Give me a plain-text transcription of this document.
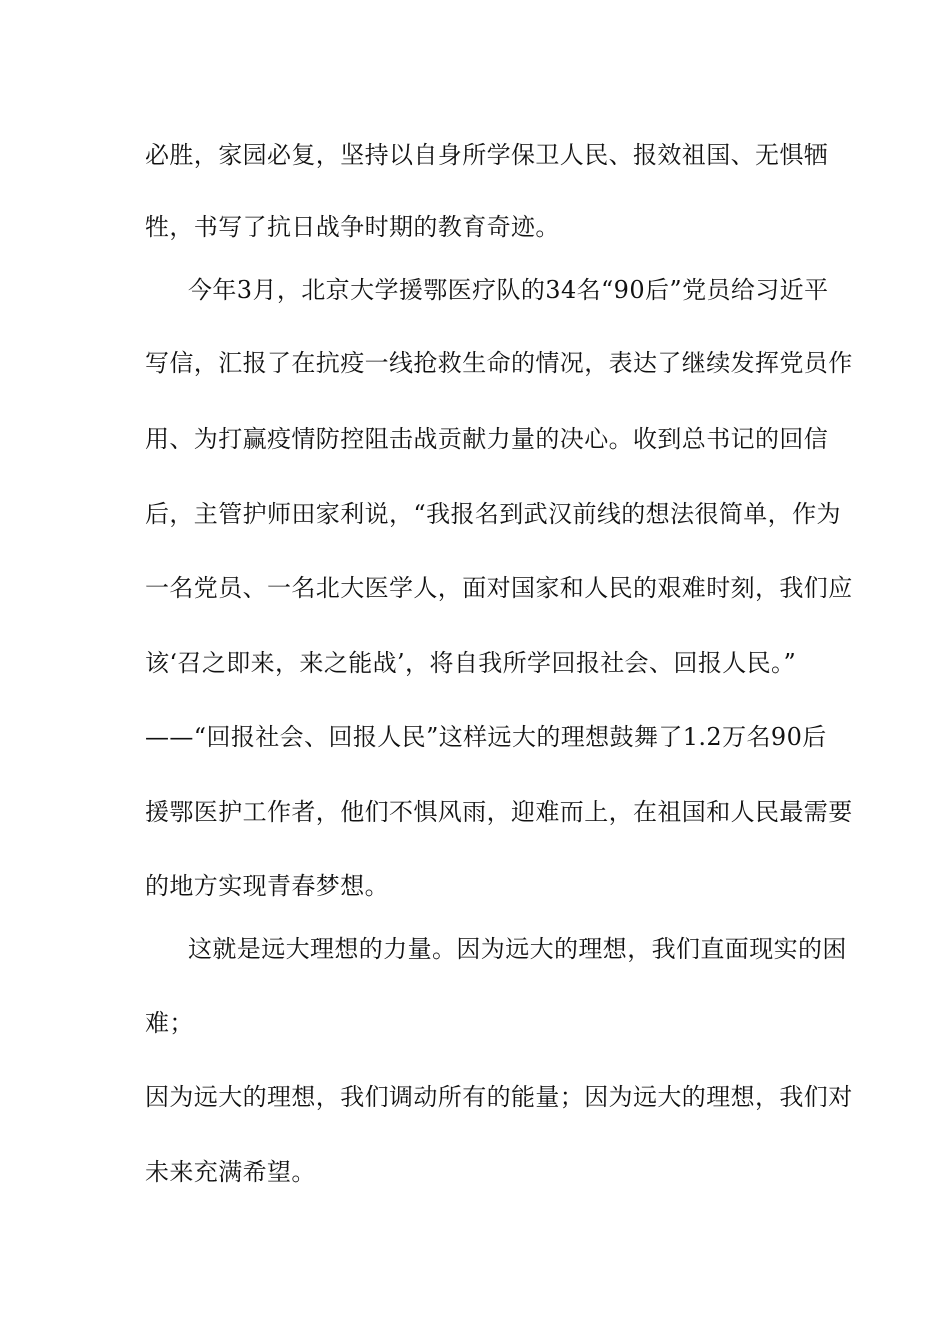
必胜，家园必复，坚持以自身所学保卫人民、报效祖国、无惧牺
牲，书写了抗日战争时期的教育奇迹。
今年3月，北京大学援鄂医疗队的34名“90后”党员给习近平
写信，汇报了在抗疫一线抢救生命的情况，表达了继续发挥党员作
用、为打赢疫情防控阻击战贡献力量的决心。收到总书记的回信
后，主管护师田家利说，“我报名到武汉前线的想法很简单，作为
一名党员、一名北大医学人，面对国家和人民的艰难时刻，我们应
该‘召之即来，来之能战’，将自我所学回报社会、回报人民。”
——“回报社会、回报人民”这样远大的理想鼓舞了1.2万名90后
援鄂医护工作者，他们不惧风雨，迎难而上，在祖国和人民最需要
的地方实现青春梦想。
这就是远大理想的力量。因为远大的理想，我们直面现实的困
难；
因为远大的理想，我们调动所有的能量；因为远大的理想，我们对
未来充满希望。
